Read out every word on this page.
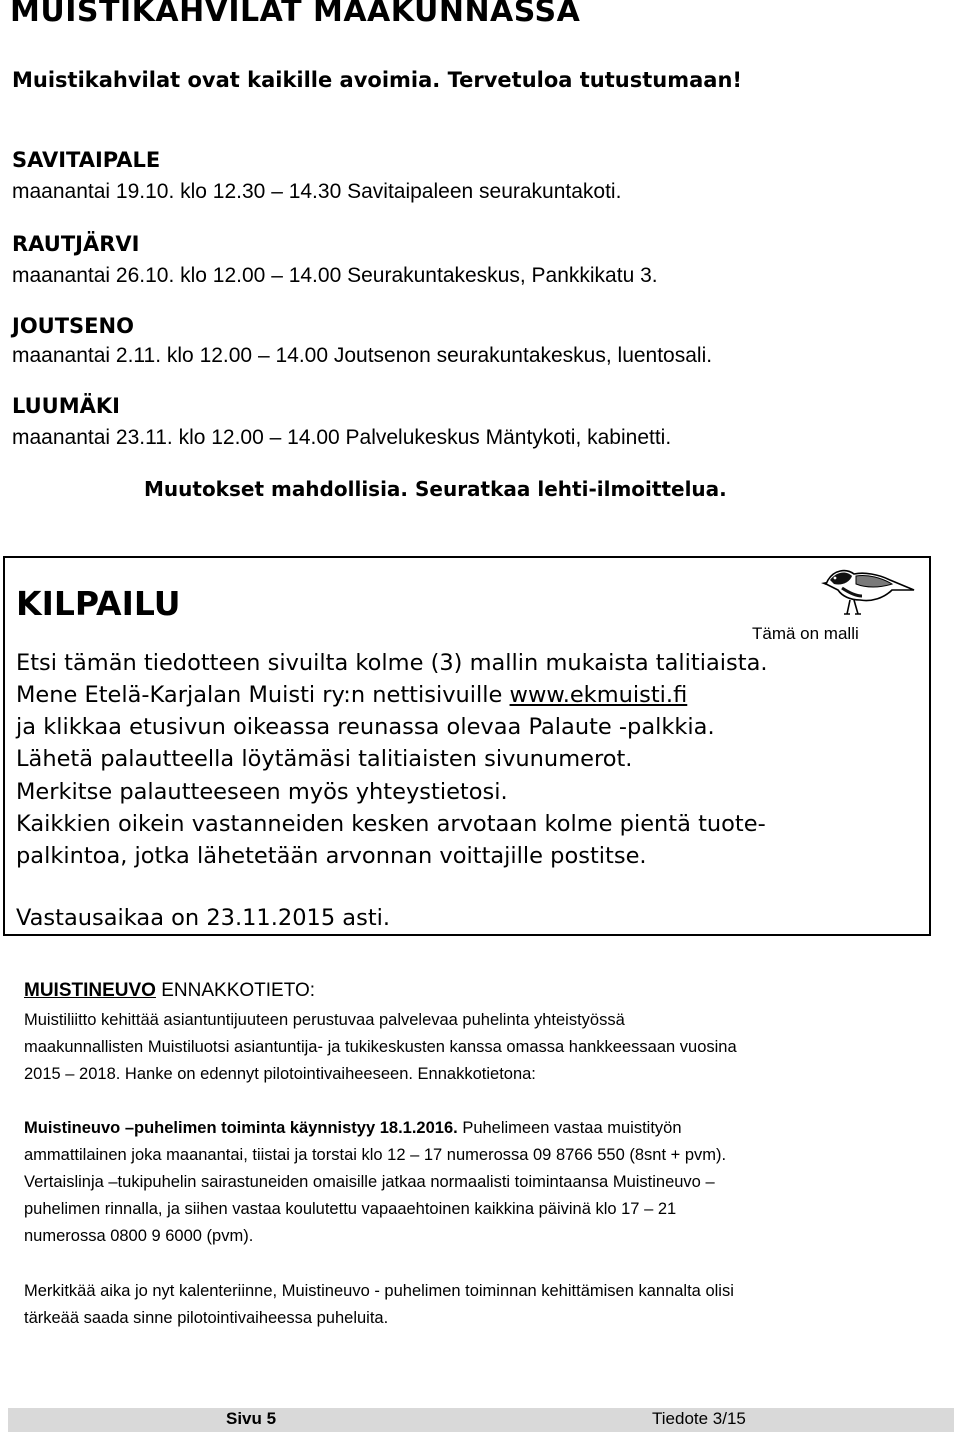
MUISTIKAHVILAT MAAKUNNASSA
Muistikahvilat ovat kaikille avoimia. Tervetuloa tutustumaan!
SAVITAIPALE
maanantai 19.10. klo 12.30 – 14.30 Savitaipaleen seurakuntakoti.
RAUTJÄRVI
maanantai 26.10. klo 12.00 – 14.00 Seurakuntakeskus, Pankkikatu 3.
JOUTSENO
maanantai 2.11. klo 12.00 – 14.00 Joutsenon seurakuntakeskus, luentosali.
LUUMÄKI
maanantai 23.11. klo 12.00 – 14.00 Palvelukeskus Mäntykoti, kabinetti.
Muutokset mahdollisia. Seuratkaa lehti-ilmoittelua.
KILPAILU
Tämä on malli
Etsi tämän tiedotteen sivuilta kolme (3) mallin mukaista talitiaista.
Mene Etelä-Karjalan Muisti ry:n nettisivuille www.ekmuisti.fi
ja klikkaa etusivun oikeassa reunassa olevaa Palaute -palkkia.
Lähetä palautteella löytämäsi talitiaisten sivunumerot.
Merkitse palautteeseen myös yhteystietosi.
Kaikkien oikein vastanneiden kesken arvotaan kolme pientä tuote-
palkintoa, jotka lähetetään arvonnan voittajille postitse.
Vastausaikaa on 23.11.2015 asti.
MUISTINEUVO ENNAKKOTIETO:
Muistiliitto kehittää asiantuntijuuteen perustuvaa palvelevaa puhelinta yhteistyössä
maakunnallisten Muistiluotsi asiantuntija- ja tukikeskusten kanssa omassa hankkeessaan vuosina
2015 – 2018. Hanke on edennyt pilotointivaiheeseen. Ennakkotietona:
Muistineuvo –puhelimen toiminta käynnistyy 18.1.2016. Puhelimeen vastaa muistityön
ammattilainen joka maanantai, tiistai ja torstai klo 12 – 17 numerossa 09 8766 550 (8snt + pvm).
Vertaislinja –tukipuhelin sairastuneiden omaisille jatkaa normaalisti toimintaansa Muistineuvo –
puhelimen rinnalla, ja siihen vastaa koulutettu vapaaehtoinen kaikkina päivinä klo 17 – 21
numerossa 0800 9 6000 (pvm).
Merkitkää aika jo nyt kalenteriinne, Muistineuvo - puhelimen toiminnan kehittämisen kannalta olisi
tärkeää saada sinne pilotointivaiheessa puheluita.
Sivu 5	Tiedote 3/15
